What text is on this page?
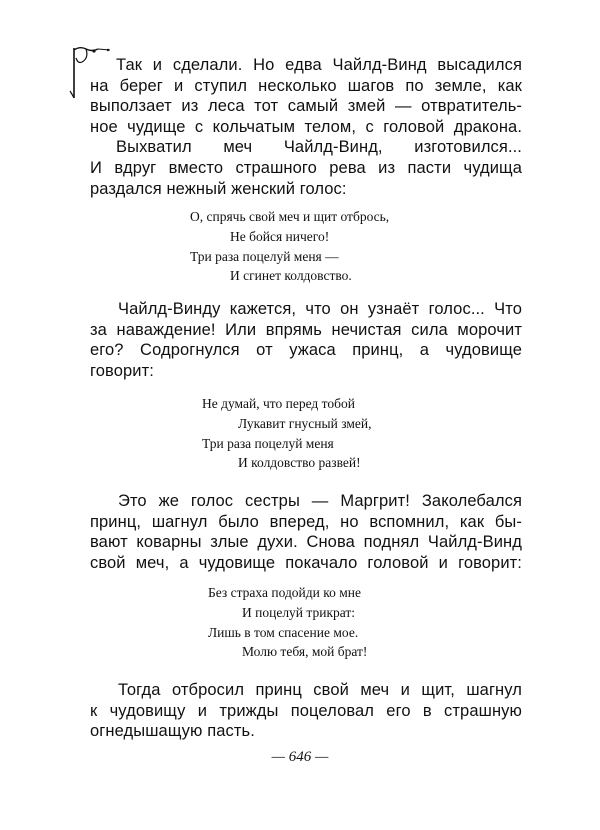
Так и сделали. Но едва Чайлд-Винд высадился
на берег и ступил несколько шагов по земле, как
выползает из леса тот самый змей — отвратитель-
ное чудище с кольчатым телом, с головой дракона.
Выхватил меч Чайлд-Винд, изготовился...
И вдруг вместо страшного рева из пасти чудища
раздался нежный женский голос:
О, спрячь свой меч и щит отбрось,
Не бойся ничего!
Три раза поцелуй меня —
И сгинет колдовство.
Чайлд-Винду кажется, что он узнаёт голос... Что
за наваждение! Или впрямь нечистая сила морочит
его? Содрогнулся от ужаса принц, а чудовище
говорит:
Не думай, что перед тобой
Лукавит гнусный змей,
Три раза поцелуй меня
И колдовство развей!
Это же голос сестры — Маргрит! Заколебался
принц, шагнул было вперед, но вспомнил, как бы-
вают коварны злые духи. Снова поднял Чайлд-Винд
свой меч, а чудовище покачало головой и говорит:
Без страха подойди ко мне
И поцелуй трикрат:
Лишь в том спасение мое.
Молю тебя, мой брат!
Тогда отбросил принц свой меч и щит, шагнул
к чудовищу и трижды поцеловал его в страшную
огнедышащую пасть.
— 646 —
